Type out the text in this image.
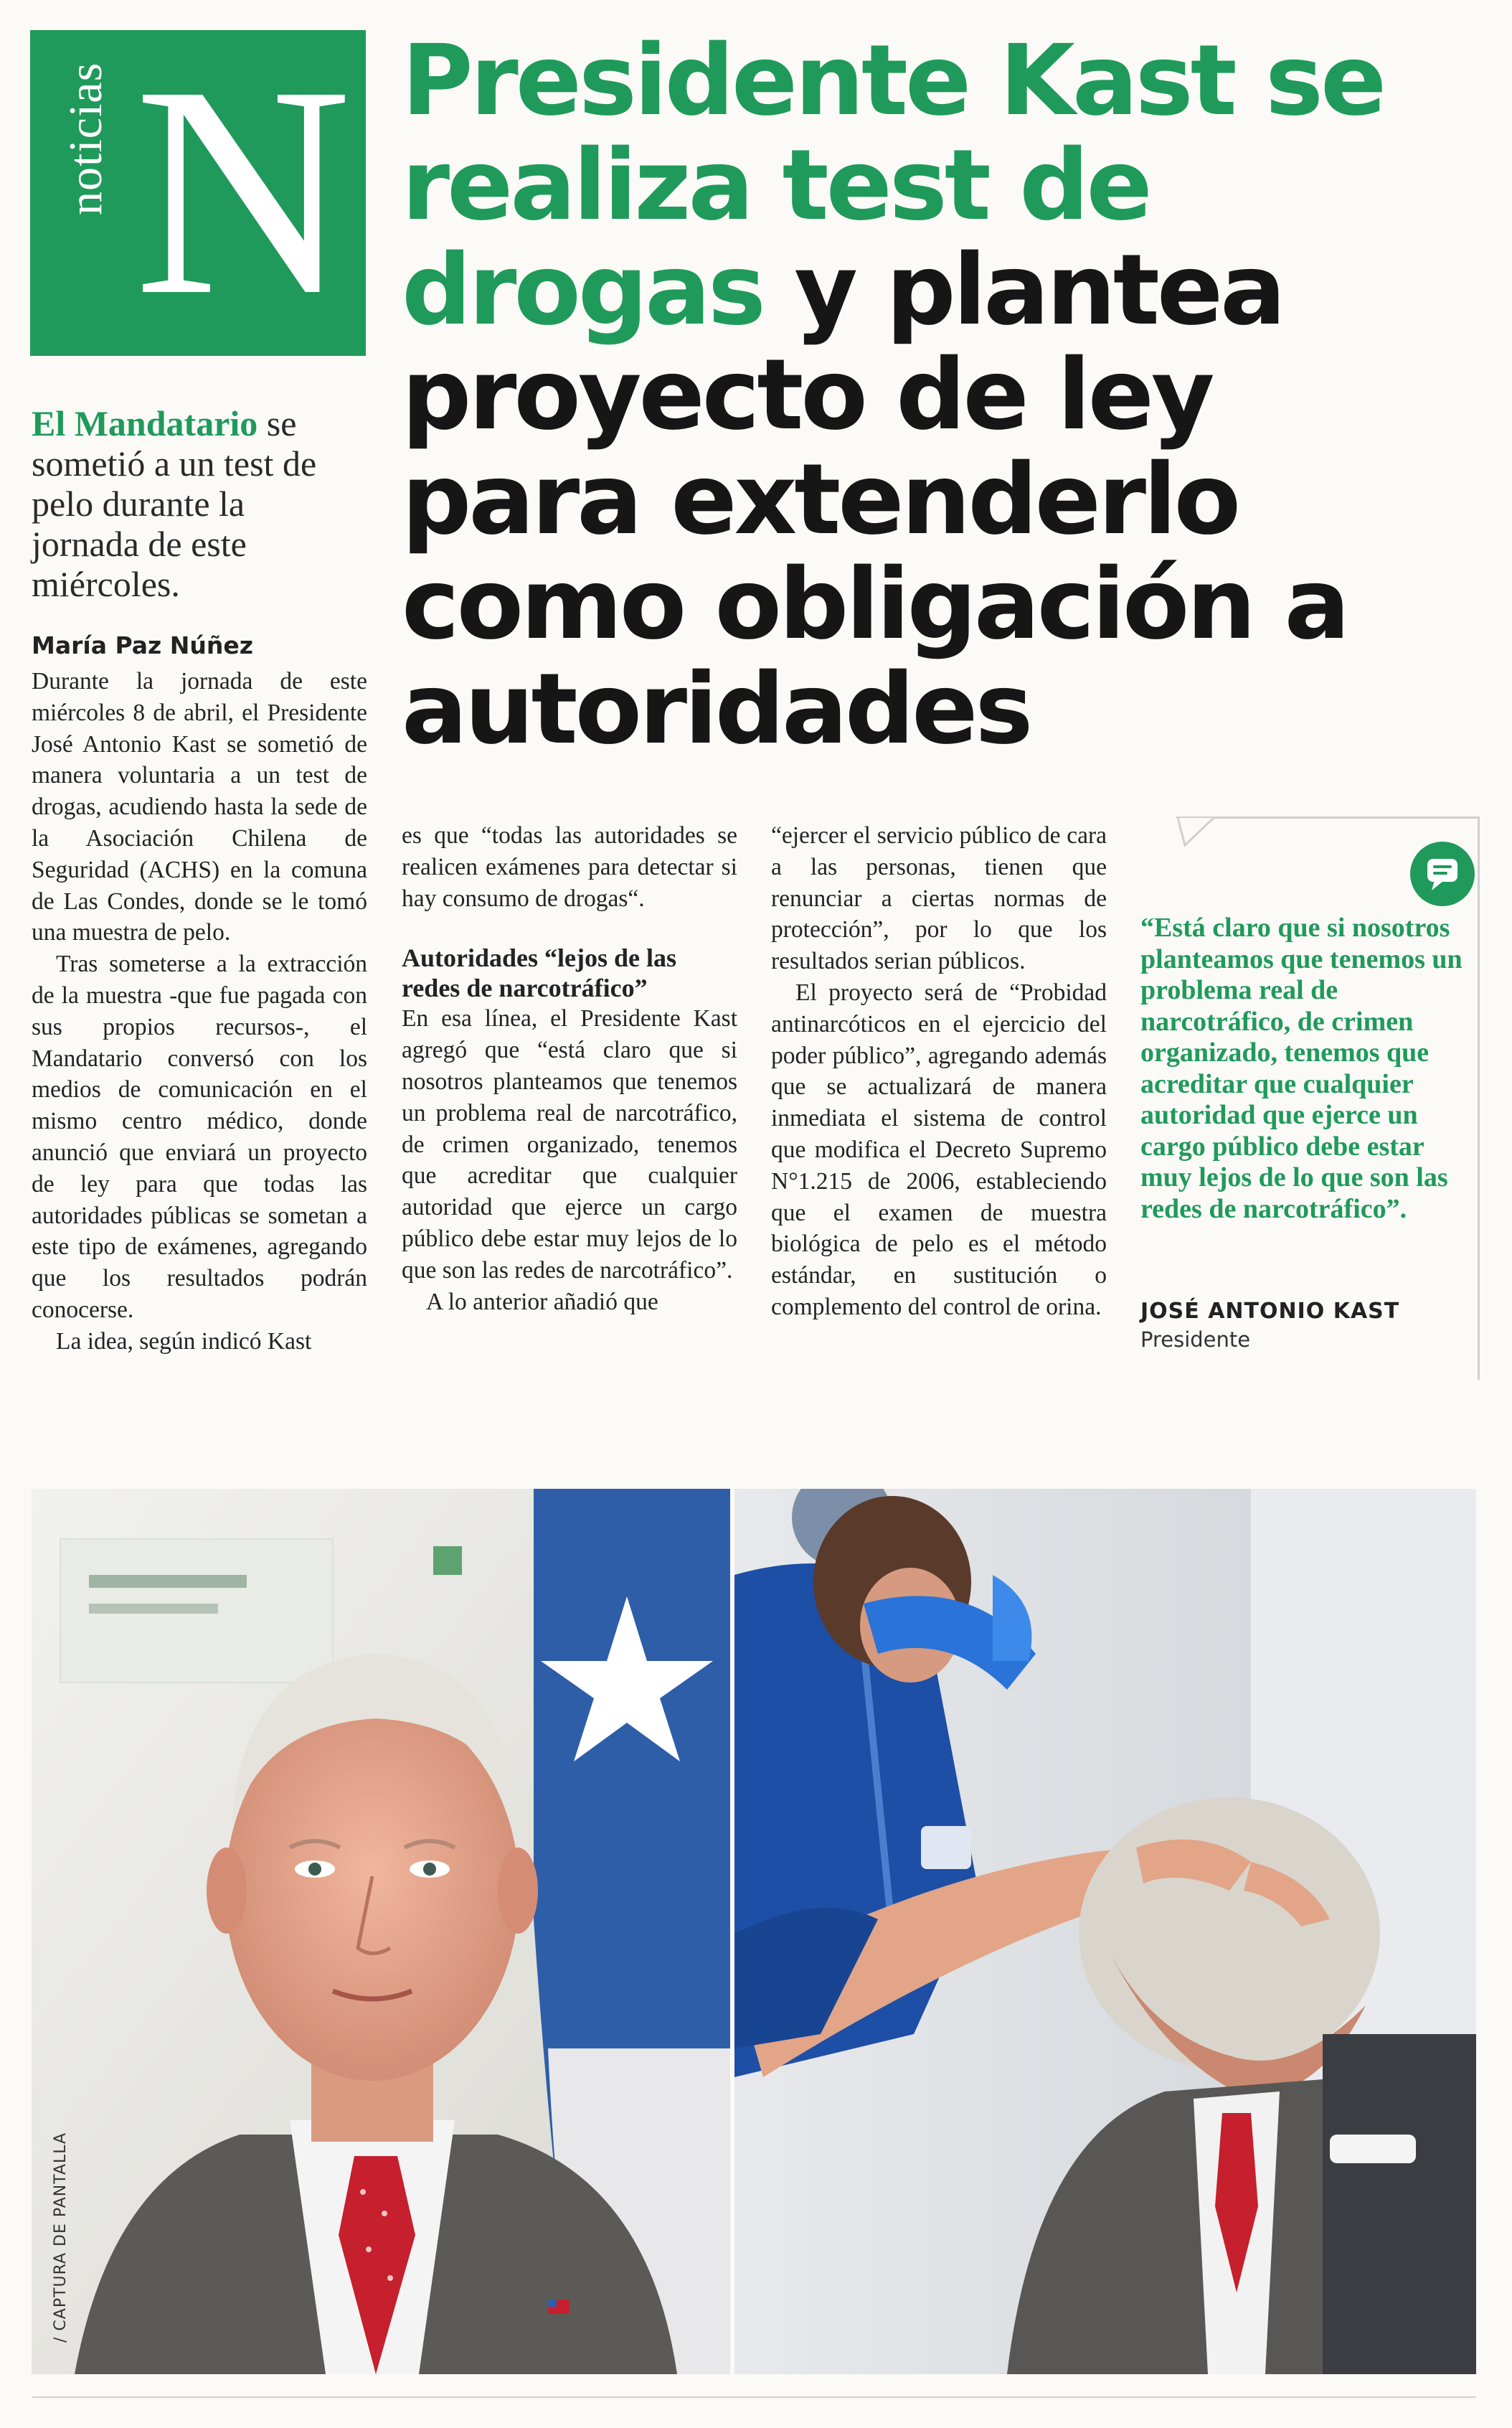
noticias N Presidente Kast se realiza test de drogas y plantea proyecto de ley para extenderlo como obligación a autoridades
El Mandatario se sometió a un test de pelo durante la jornada de este miércoles.
María Paz Núñez

Durante la jornada de este miércoles 8 de abril, el Presidente José Antonio Kast se sometió de manera voluntaria a un test de drogas, acudiendo hasta la sede de la Asociación Chilena de Seguridad (ACHS) en la comuna de Las Condes, donde se le tomó una muestra de pelo.

Tras someterse a la extracción de la muestra -que fue pagada con sus propios recursos-, el Mandatario conversó con los medios de comunicación en el mismo centro médico, donde anunció que enviará un proyecto de ley para que todas las autoridades públicas se sometan a este tipo de exámenes, agregando que los resultados podrán conocerse.

La idea, según indicó Kast

es que “todas las autoridades se realicen exámenes para detectar si hay consumo de drogas“.

Autoridades “lejos de las redes de narcotráfico”

En esa línea, el Presidente Kast agregó que “está claro que si nosotros planteamos que tenemos un problema real de narcotráfico, de crimen organizado, tenemos que acreditar que cualquier autoridad que ejerce un cargo público debe estar muy lejos de lo que son las redes de narcotráfico”.

A lo anterior añadió que

“ejercer el servicio público de cara a las personas, tienen que renunciar a ciertas normas de protección”, por lo que los resultados serian públicos.

El proyecto será de “Probidad antinarcóticos en el ejercicio del poder público”, agregando además que se actualizará de manera inmediata el sistema de control que modifica el Decreto Supremo N°1.215 de 2006, estableciendo que el examen de muestra biológica de pelo es el método estándar, en sustitución o complemento del control de orina.

“Está claro que si nosotros planteamos que tenemos un problema real de narcotráfico, de crimen organizado, tenemos que acreditar que cualquier autoridad que ejerce un cargo público debe estar muy lejos de lo que son las redes de narcotráfico”.
JOSÉ ANTONIO KAST
Presidente
/ CAPTURA DE PANTALLA
